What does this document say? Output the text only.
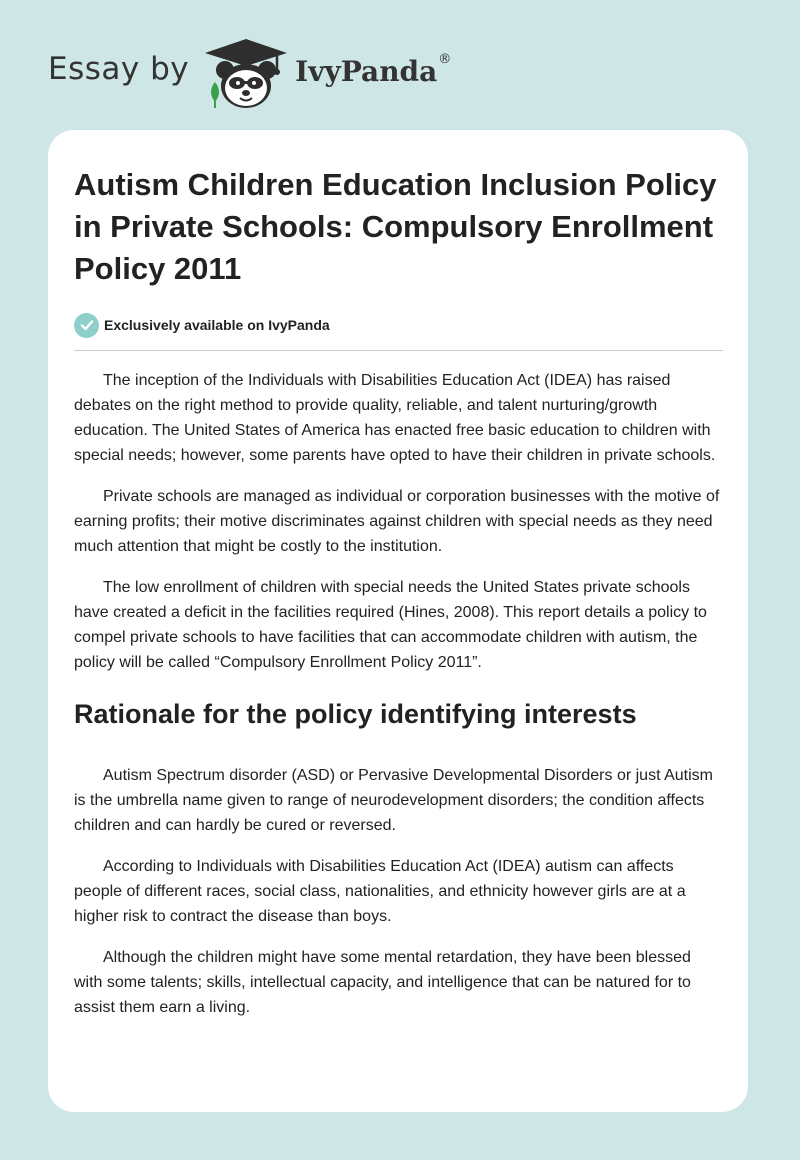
Essay by	IvyPanda ®
Autism Children Education Inclusion Policy in Private Schools: Compulsory Enrollment Policy 2011
Exclusively available on IvyPanda

The inception of the Individuals with Disabilities Education Act (IDEA) has raised debates on the right method to provide quality, reliable, and talent nurturing/growth education. The United States of America has enacted free basic education to children with special needs; however, some parents have opted to have their children in private schools.

Private schools are managed as individual or corporation businesses with the motive of earning profits; their motive discriminates against children with special needs as they need much attention that might be costly to the institution.

The low enrollment of children with special needs the United States private schools have created a deficit in the facilities required (Hines, 2008). This report details a policy to compel private schools to have facilities that can accommodate children with autism, the policy will be called “Compulsory Enrollment Policy 2011”.

Rationale for the policy identifying interests

Autism Spectrum disorder (ASD) or Pervasive Developmental Disorders or just Autism is the umbrella name given to range of neurodevelopment disorders; the condition affects children and can hardly be cured or reversed.

According to Individuals with Disabilities Education Act (IDEA) autism can affects people of different races, social class, nationalities, and ethnicity however girls are at a higher risk to contract the disease than boys.

Although the children might have some mental retardation, they have been blessed with some talents; skills, intellectual capacity, and intelligence that can be natured for to assist them earn a living.
